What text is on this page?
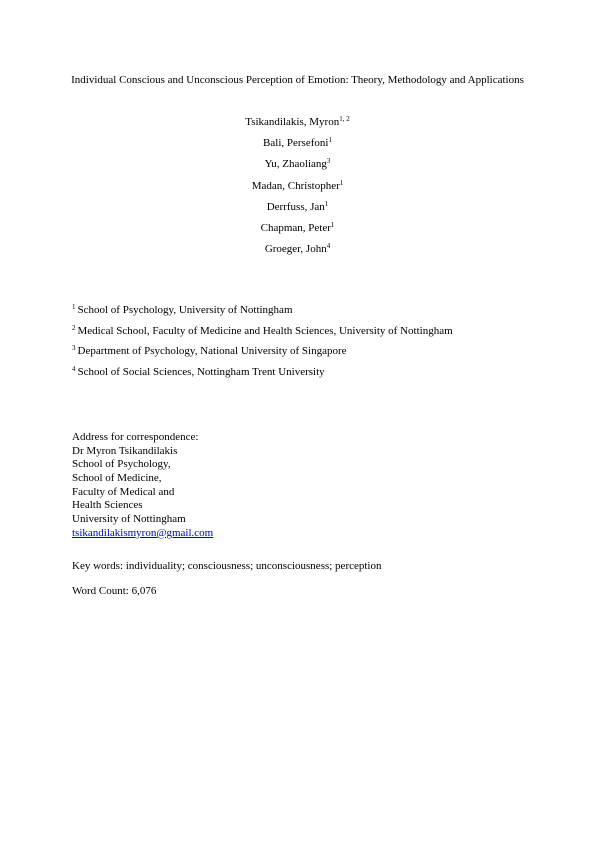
Individual Conscious and Unconscious Perception of Emotion: Theory, Methodology and Applications
Tsikandilakis, Myron$^{1, 2}$
Bali, Persefoni$^1$
Yu, Zhaoliang$^3$
Madan, Christopher$^1$
Derrfuss, Jan$^1$
Chapman, Peter$^1$
Groeger, John$^4$
$^1$ School of Psychology, University of Nottingham
$^2$ Medical School, Faculty of Medicine and Health Sciences, University of Nottingham
$^3$ Department of Psychology, National University of Singapore
$^4$ School of Social Sciences, Nottingham Trent University
Address for correspondence:
Dr Myron Tsikandilakis
School of Psychology,
School of Medicine,
Faculty of Medical and
Health Sciences
University of Nottingham
tsikandilakismyron@gmail.com
Key words: individuality; consciousness; unconsciousness; perception
Word Count: 6,076
